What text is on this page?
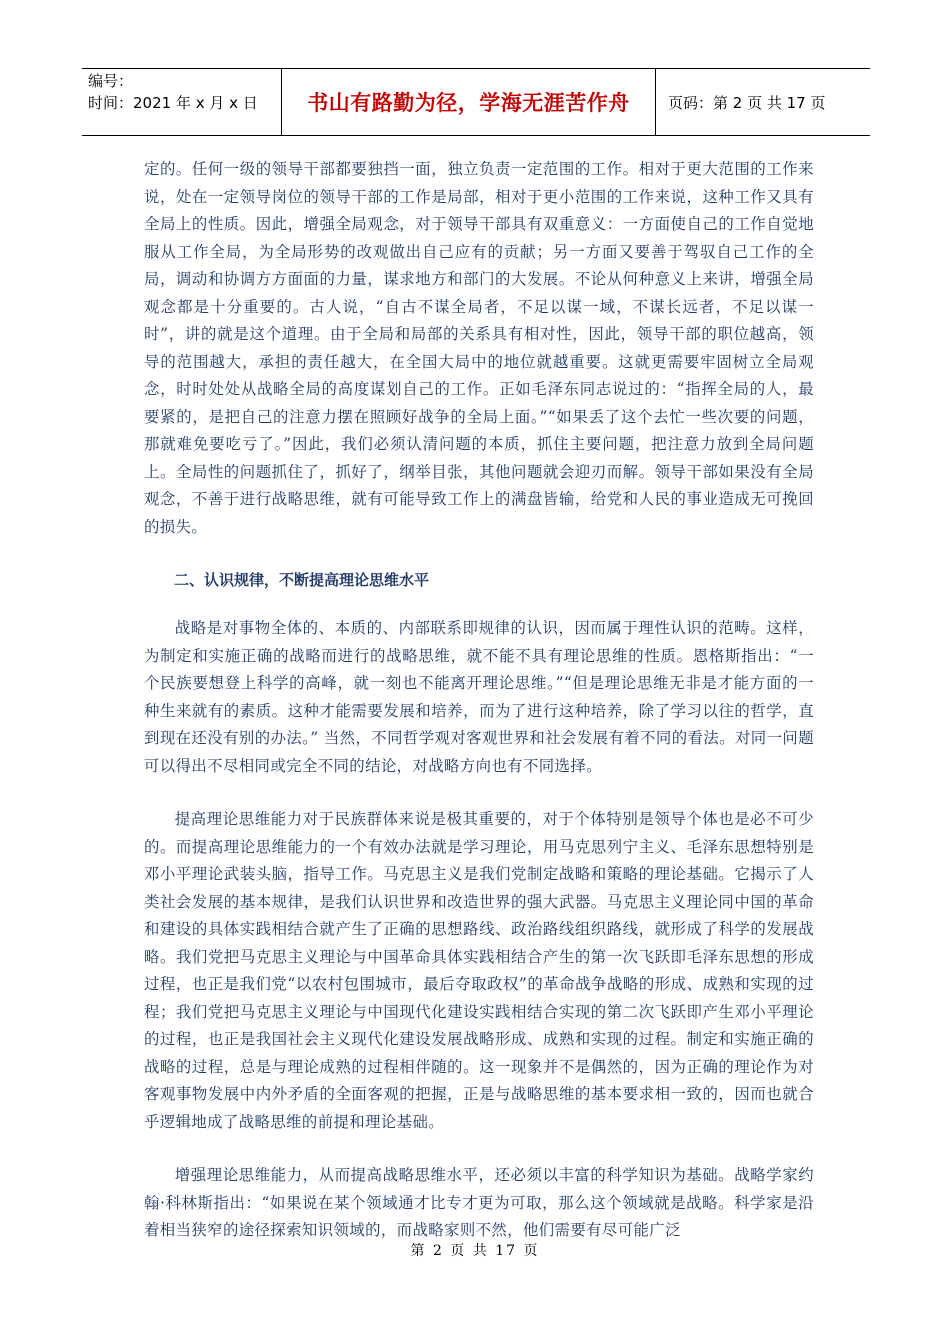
编号：
时间：2021 年 x 月 x 日	书山有路勤为径，学海无涯苦作舟	页码：第 2 页 共 17 页

定的。任何一级的领导干部都要独挡一面，独立负责一定范围的工作。相对于更大范围的工作来说，处在一定领导岗位的领导干部的工作是局部，相对于更小范围的工作来说，这种工作又具有全局上的性质。因此，增强全局观念，对于领导干部具有双重意义：一方面使自己的工作自觉地服从工作全局，为全局形势的改观做出自己应有的贡献；另一方面又要善于驾驭自己工作的全局，调动和协调方方面面的力量，谋求地方和部门的大发展。不论从何种意义上来讲，增强全局观念都是十分重要的。古人说，“自古不谋全局者，不足以谋一域，不谋长远者，不足以谋一时”，讲的就是这个道理。由于全局和局部的关系具有相对性，因此，领导干部的职位越高，领导的范围越大，承担的责任越大，在全国大局中的地位就越重要。这就更需要牢固树立全局观念，时时处处从战略全局的高度谋划自己的工作。正如毛泽东同志说过的：“指挥全局的人，最要紧的，是把自己的注意力摆在照顾好战争的全局上面。”“如果丢了这个去忙一些次要的问题，那就难免要吃亏了。”因此，我们必须认清问题的本质，抓住主要问题，把注意力放到全局问题上。全局性的问题抓住了，抓好了，纲举目张，其他问题就会迎刃而解。领导干部如果没有全局观念，不善于进行战略思维，就有可能导致工作上的满盘皆输，给党和人民的事业造成无可挽回的损失。

二、认识规律，不断提高理论思维水平

战略是对事物全体的、本质的、内部联系即规律的认识，因而属于理性认识的范畴。这样，为制定和实施正确的战略而进行的战略思维，就不能不具有理论思维的性质。恩格斯指出：“一个民族要想登上科学的高峰，就一刻也不能离开理论思维。”“但是理论思维无非是才能方面的一种生来就有的素质。这种才能需要发展和培养，而为了进行这种培养，除了学习以往的哲学，直到现在还没有别的办法。” 当然，不同哲学观对客观世界和社会发展有着不同的看法。对同一问题可以得出不尽相同或完全不同的结论，对战略方向也有不同选择。

提高理论思维能力对于民族群体来说是极其重要的，对于个体特别是领导个体也是必不可少的。而提高理论思维能力的一个有效办法就是学习理论，用马克思列宁主义、毛泽东思想特别是邓小平理论武装头脑，指导工作。马克思主义是我们党制定战略和策略的理论基础。它揭示了人类社会发展的基本规律，是我们认识世界和改造世界的强大武器。马克思主义理论同中国的革命和建设的具体实践相结合就产生了正确的思想路线、政治路线组织路线，就形成了科学的发展战略。我们党把马克思主义理论与中国革命具体实践相结合产生的第一次飞跃即毛泽东思想的形成过程，也正是我们党“以农村包围城市，最后夺取政权”的革命战争战略的形成、成熟和实现的过程；我们党把马克思主义理论与中国现代化建设实践相结合实现的第二次飞跃即产生邓小平理论的过程，也正是我国社会主义现代化建设发展战略形成、成熟和实现的过程。制定和实施正确的战略的过程，总是与理论成熟的过程相伴随的。这一现象并不是偶然的，因为正确的理论作为对客观事物发展中内外矛盾的全面客观的把握，正是与战略思维的基本要求相一致的，因而也就合乎逻辑地成了战略思维的前提和理论基础。

增强理论思维能力，从而提高战略思维水平，还必须以丰富的科学知识为基础。战略学家约翰·科林斯指出：“如果说在某个领域通才比专才更为可取，那么这个领域就是战略。科学家是沿着相当狭窄的途径探索知识领域的，而战略家则不然，他们需要有尽可能广泛

第 2 页 共 17 页
